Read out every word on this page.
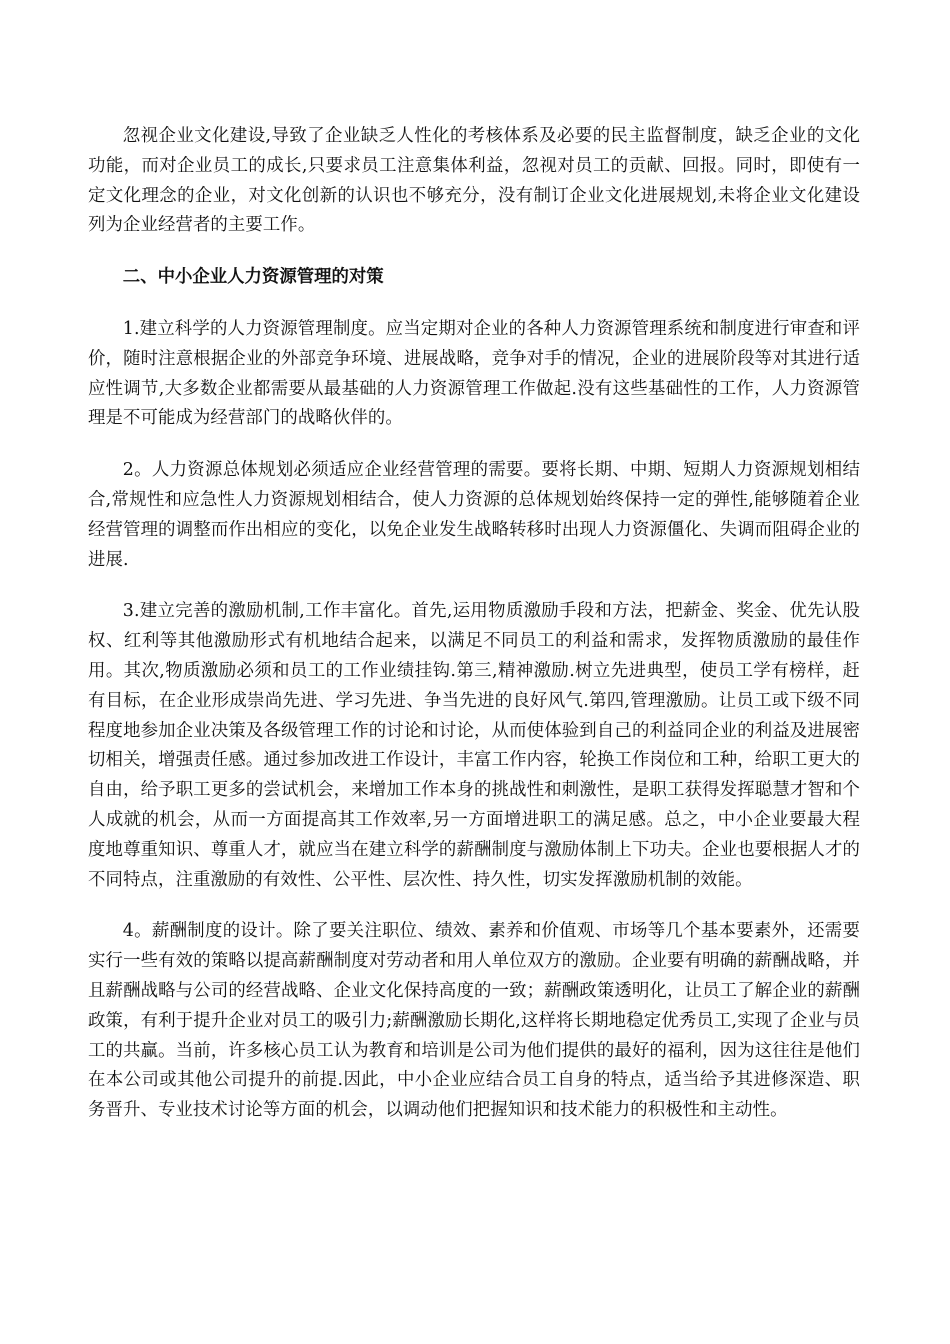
忽视企业文化建设,导致了企业缺乏人性化的考核体系及必要的民主监督制度，缺乏企业的文化功能，而对企业员工的成长,只要求员工注意集体利益，忽视对员工的贡献、回报。同时，即使有一定文化理念的企业，对文化创新的认识也不够充分，没有制订企业文化进展规划,未将企业文化建设列为企业经营者的主要工作。

二、中小企业人力资源管理的对策

1.建立科学的人力资源管理制度。应当定期对企业的各种人力资源管理系统和制度进行审查和评价，随时注意根据企业的外部竞争环境、进展战略，竞争对手的情况，企业的进展阶段等对其进行适应性调节,大多数企业都需要从最基础的人力资源管理工作做起.没有这些基础性的工作，人力资源管理是不可能成为经营部门的战略伙伴的。

2。人力资源总体规划必须适应企业经营管理的需要。要将长期、中期、短期人力资源规划相结合,常规性和应急性人力资源规划相结合，使人力资源的总体规划始终保持一定的弹性,能够随着企业经营管理的调整而作出相应的变化，以免企业发生战略转移时出现人力资源僵化、失调而阻碍企业的进展.

3.建立完善的激励机制,工作丰富化。首先,运用物质激励手段和方法，把薪金、奖金、优先认股权、红利等其他激励形式有机地结合起来，以满足不同员工的利益和需求，发挥物质激励的最佳作用。其次,物质激励必须和员工的工作业绩挂钩.第三,精神激励.树立先进典型，使员工学有榜样，赶有目标，在企业形成崇尚先进、学习先进、争当先进的良好风气.第四,管理激励。让员工或下级不同程度地参加企业决策及各级管理工作的讨论和讨论，从而使体验到自己的利益同企业的利益及进展密切相关，增强责任感。通过参加改进工作设计，丰富工作内容，轮换工作岗位和工种，给职工更大的自由，给予职工更多的尝试机会，来增加工作本身的挑战性和刺激性，是职工获得发挥聪慧才智和个人成就的机会，从而一方面提高其工作效率,另一方面增进职工的满足感。总之，中小企业要最大程度地尊重知识、尊重人才，就应当在建立科学的薪酬制度与激励体制上下功夫。企业也要根据人才的不同特点，注重激励的有效性、公平性、层次性、持久性，切实发挥激励机制的效能。

4。薪酬制度的设计。除了要关注职位、绩效、素养和价值观、市场等几个基本要素外，还需要实行一些有效的策略以提高薪酬制度对劳动者和用人单位双方的激励。企业要有明确的薪酬战略，并且薪酬战略与公司的经营战略、企业文化保持高度的一致；薪酬政策透明化，让员工了解企业的薪酬政策，有利于提升企业对员工的吸引力;薪酬激励长期化,这样将长期地稳定优秀员工,实现了企业与员工的共赢。当前，许多核心员工认为教育和培训是公司为他们提供的最好的福利，因为这往往是他们在本公司或其他公司提升的前提.因此，中小企业应结合员工自身的特点，适当给予其进修深造、职务晋升、专业技术讨论等方面的机会，以调动他们把握知识和技术能力的积极性和主动性。
